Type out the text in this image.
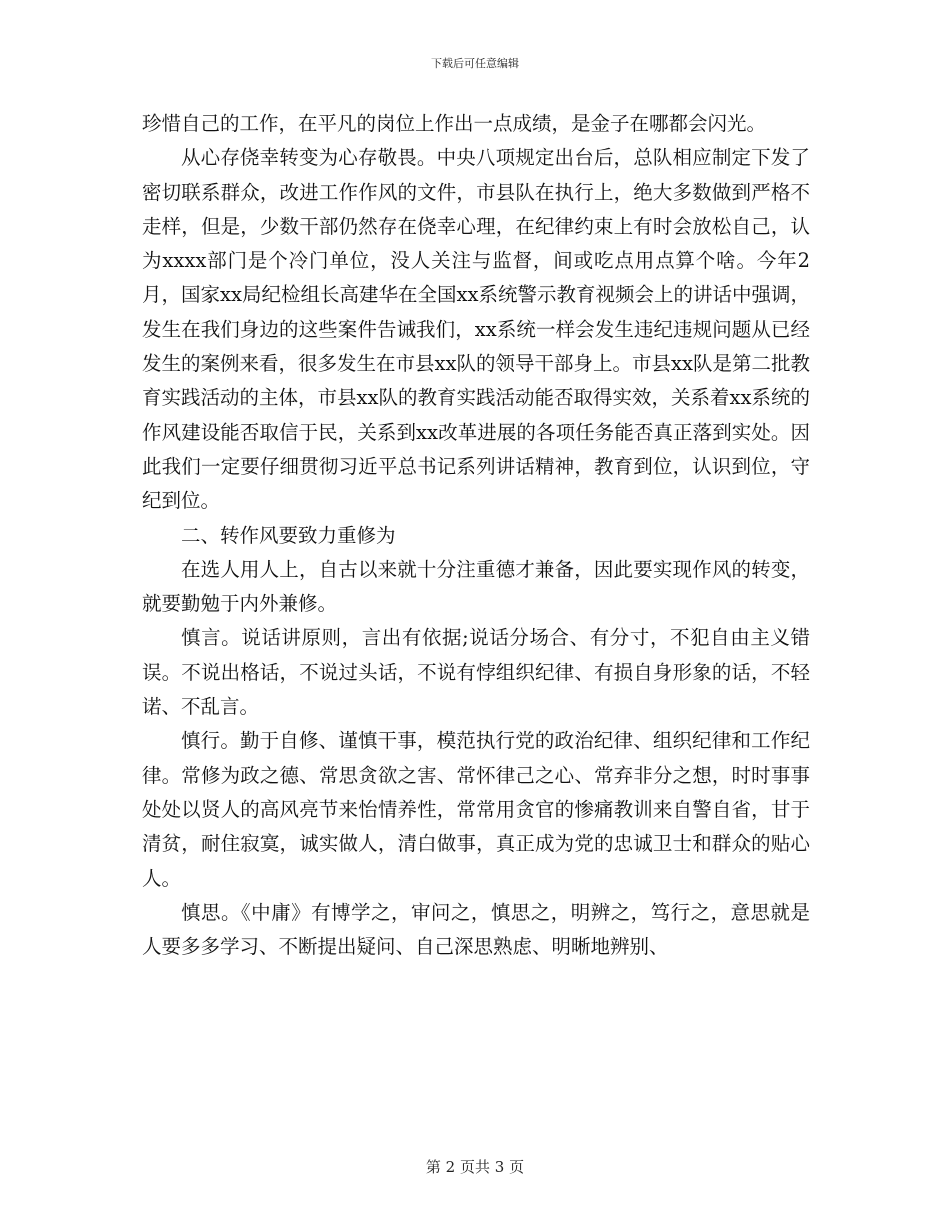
下载后可任意编辑

珍惜自己的工作，在平凡的岗位上作出一点成绩，是金子在哪都会闪光。

从心存侥幸转变为心存敬畏。中央八项规定出台后，总队相应制定下发了密切联系群众，改进工作作风的文件，市县队在执行上，绝大多数做到严格不走样，但是，少数干部仍然存在侥幸心理，在纪律约束上有时会放松自己，认为xxxx部门是个冷门单位，没人关注与监督，间或吃点用点算个啥。今年2月，国家xx局纪检组长高建华在全国xx系统警示教育视频会上的讲话中强调，发生在我们身边的这些案件告诫我们，xx系统一样会发生违纪违规问题从已经发生的案例来看，很多发生在市县xx队的领导干部身上。市县xx队是第二批教育实践活动的主体，市县xx队的教育实践活动能否取得实效，关系着xx系统的作风建设能否取信于民，关系到xx改革进展的各项任务能否真正落到实处。因此我们一定要仔细贯彻习近平总书记系列讲话精神，教育到位，认识到位，守纪到位。

二、转作风要致力重修为

在选人用人上，自古以来就十分注重德才兼备，因此要实现作风的转变，就要勤勉于内外兼修。

慎言。说话讲原则，言出有依据;说话分场合、有分寸，不犯自由主义错误。不说出格话，不说过头话，不说有悖组织纪律、有损自身形象的话，不轻诺、不乱言。

慎行。勤于自修、谨慎干事，模范执行党的政治纪律、组织纪律和工作纪律。常修为政之德、常思贪欲之害、常怀律己之心、常弃非分之想，时时事事处处以贤人的高风亮节来怡情养性，常常用贪官的惨痛教训来自警自省，甘于清贫，耐住寂寞，诚实做人，清白做事，真正成为党的忠诚卫士和群众的贴心人。

慎思。《中庸》有博学之，审问之，慎思之，明辨之，笃行之，意思就是人要多多学习、不断提出疑问、自己深思熟虑、明晰地辨别、

第 2 页共 3 页
